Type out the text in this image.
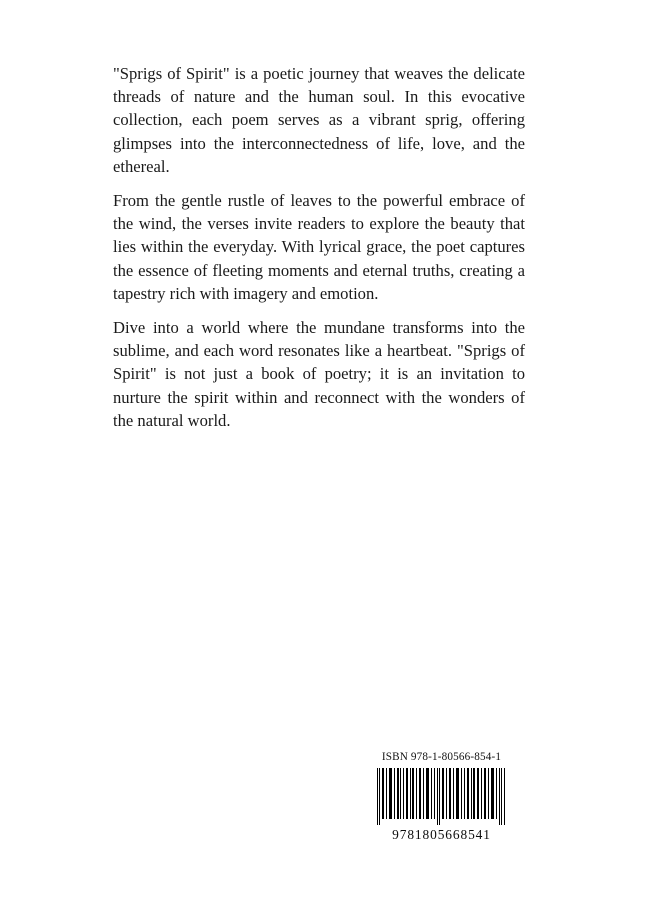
"Sprigs of Spirit" is a poetic journey that weaves the delicate threads of nature and the human soul. In this evocative collection, each poem serves as a vibrant sprig, offering glimpses into the interconnectedness of life, love, and the ethereal.

From the gentle rustle of leaves to the powerful embrace of the wind, the verses invite readers to explore the beauty that lies within the everyday. With lyrical grace, the poet captures the essence of fleeting moments and eternal truths, creating a tapestry rich with imagery and emotion.

Dive into a world where the mundane transforms into the sublime, and each word resonates like a heartbeat. "Sprigs of Spirit" is not just a book of poetry; it is an invitation to nurture the spirit within and reconnect with the wonders of the natural world.

ISBN 978-1-80566-854-1
9781805668541
